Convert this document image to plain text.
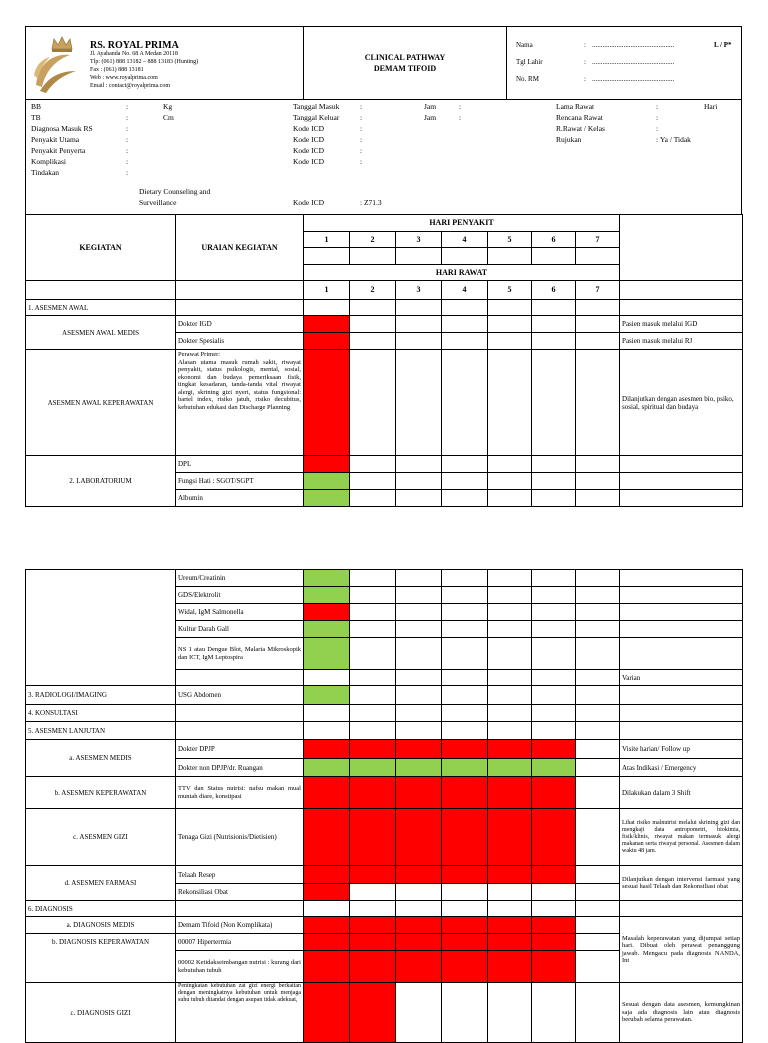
RS. ROYAL PRIMA
Jl. Ayahanda No. 68 A Medan 20118
Tlp: (061) 888 13182 – 888 13183 (Hunting)
Fax : (061) 888 13181
Web : www.royalprima.com
Email : contact@royalprima.com
CLINICAL PATHWAY
DEMAM TIFOID
Nama	: ...............................................	L / P*
Tgl Lahir	: ...............................................
No. RM	: ...............................................
BB	:	Kg
TB	:	Cm
Diagnosa Masuk RS	:
Penyakit Utama	:
Penyakit Penyerta	:
Komplikasi	:
Tindakan	:
Tanggal Masuk	:	Jam	:
Tanggal Keluar	:	Jam	:
Kode ICD	:
Kode ICD	:
Kode ICD	:
Kode ICD	:
Lama Rawat	:	Hari
Rencana Rawat	:
R.Rawat / Kelas	:
Rujukan	: Ya / Tidak
Dietary Counseling and
Surveillance	Kode ICD	: Z71.3
KEGIATAN	URAIAN KEGIATAN	HARI PENYAKIT							
		1	2	3	4	5	6	7	

		HARI RAWAT							
		1	2	3	4	5	6	7	
1. ASESMEN AWAL									
ASESMEN AWAL MEDIS	Dokter IGD								Pasien masuk melalui IGD
	Dokter Spesialis								Pasien masuk melalui RJ
ASESMEN AWAL KEPERAWATAN	Perawat Primer:
Alasan utama masuk rumah sakit, riwayat penyakit, status psikologis, mental, sosial, ekonomi dan budaya pemeriksaan fisik, tingkat kesadaran, tanda-tanda vital riwayat alergi, skrining gizi nyeri, status fungsional: bartel index, risiko jatuh, risiko decubitus, kebutuhan edukasi dan Discharge Planning								Dilanjutkan dengan asesmen bio, psiko, sosial, spiritual dan budaya
2. LABORATORIUM	DPL								
	Fungsi Hati : SGOT/SGPT								
	Albumin								
	Ureum/Creatinin								
	GDS/Elektrolit								
	Widal, IgM Salmonella								
	Kultur Darah Gall								
	NS 1 atau Dengue Blot, Malaria Mikroskopik dan ICT, IgM Leptospira								
									Varian
3. RADIOLOGI/IMAGING	USG Abdomen								
4. KONSULTASI									
5. ASESMEN LANJUTAN									
a. ASESMEN MEDIS	Dokter DPJP								Visite harian/ Follow up
	Dokter non DPJP/dr. Ruangan								Atas Indikasi / Emergency
b. ASESMEN KEPERAWATAN	TTV dan Status nutrisi: nafsu makan mual muntah diare, konstipasi								Dilakukan dalam 3 Shift
c. ASESMEN GIZI	Tenaga Gizi (Nutrisionis/Dietisien)								Lihat risiko malnutrisi melalui skrining gizi dan mengkaji data antropometri, biokimia, fisik/klinis, riwayat makan termasuk alergi makanan serta riwayat personal. Asesmen dalam waktu 48 jam.
d. ASESMEN FARMASI	Telaah Resep								Dilanjutkan dengan intervensi farmasi yang sesuai hasil Telaah dan Rekonsiliasi obat
	Rekonsiliasi Obat								
6. DIAGNOSIS									
a. DIAGNOSIS MEDIS	Demam Tifoid (Non Komplikata)								Masalah keperawatan yang dijumpai setiap hari. Dibuat oleh perawat penanggung jawab. Mengacu pada diagnosis NANDA, Int
b. DIAGNOSIS KEPERAWATAN	00007 Hipertermia								
	00002 Ketidakseimbangan nutrisi : kurang dari kebutuhan tubuh								
c. DIAGNOSIS GIZI	Peningkatan kebutuhan zat gizi energi berkaitan dengan meningkatnya kebutuhan untuk menjaga suhu tubuh ditandai dengan asupan tidak adekuat,								Sesuai dengan data asesmen, kemungkinan saja ada diagnosis lain atau diagnosis berubah selama perawatan.
